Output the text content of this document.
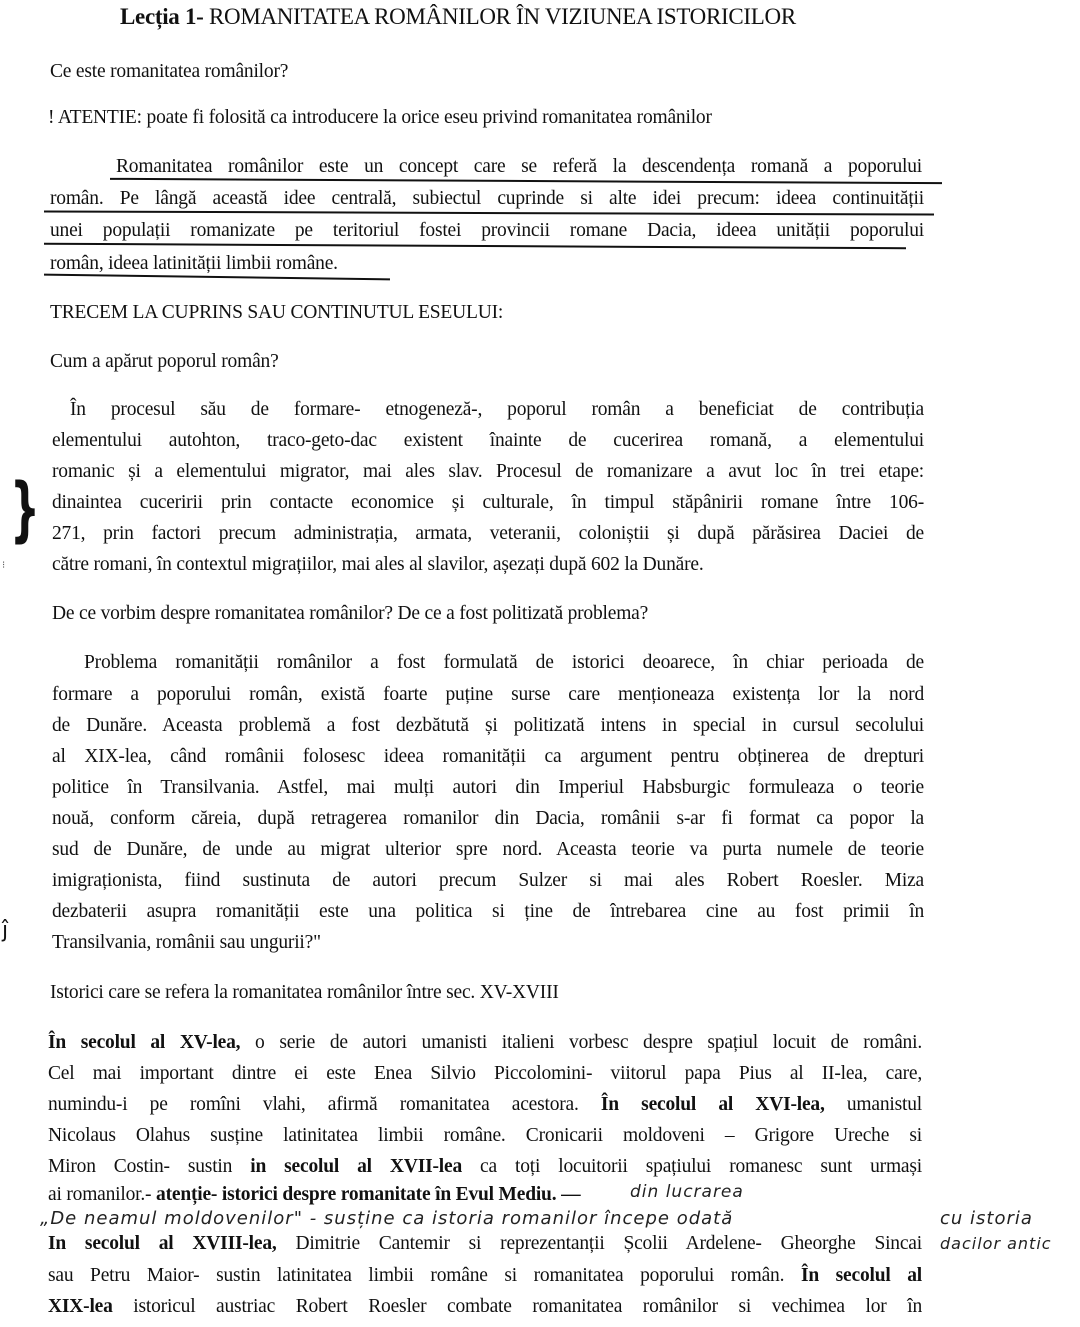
Lecția 1- ROMANITATEA ROMÂNILOR ÎN VIZIUNEA ISTORICILOR
Ce este romanitatea românilor?
! ATENTIE: poate fi folosită ca introducere la orice eseu privind romanitatea românilor
Romanitatea românilor este un concept care se referă la descendența romană a poporului
român. Pe lângă această idee centrală, subiectul cuprinde si alte idei precum: ideea continuității
unei populații romanizate pe teritoriul fostei provincii romane Dacia, ideea unității poporului
român, ideea latinității limbii române.
TRECEM LA CUPRINS SAU CONTINUTUL ESEULUI:
Cum a apărut poporul român?
În procesul său de formare- etnogeneză-, poporul român a beneficiat de contribuția
elementului autohton, traco-geto-dac existent înainte de cucerirea romană, a elementului
romanic și a elementului migrator, mai ales slav. Procesul de romanizare a avut loc în trei etape:
dinaintea cuceririi prin contacte economice și culturale, în timpul stăpânirii romane între 106-
271, prin factori precum administrația, armata, veteranii, coloniștii și după părăsirea Daciei de
către romani, în contextul migrațiilor, mai ales al slavilor, așezați după 602 la Dunăre.
}
⁝
De ce vorbim despre romanitatea românilor? De ce a fost politizată problema?
Problema romanității românilor a fost formulată de istorici deoarece, în chiar perioada de
formare a poporului român, există foarte puține surse care menționeaza existența lor la nord
de Dunăre. Aceasta problemă a fost dezbătută și politizată intens in special in cursul secolului
al XIX-lea, când românii folosesc ideea romanității ca argument pentru obținerea de drepturi
politice în Transilvania. Astfel, mai mulți autori din Imperiul Habsburgic formuleaza o teorie
nouă, conform căreia, după retragerea romanilor din Dacia, românii s-ar fi format ca popor la
sud de Dunăre, de unde au migrat ulterior spre nord. Aceasta teorie va purta numele de teorie
imigraționista, fiind sustinuta de autori precum Sulzer si mai ales Robert Roesler. Miza
dezbaterii asupra romanității este una politica si ține de întrebarea cine au fost primii în
Transilvania, românii sau ungurii?"
ĵ
Istorici care se refera la romanitatea românilor între sec. XV-XVIII
În secolul al XV-lea, o serie de autori umanisti italieni vorbesc despre spațiul locuit de români.
Cel mai important dintre ei este Enea Silvio Piccolomini- viitorul papa Pius al II-lea, care,
numindu-i pe romîni vlahi, afirmă romanitatea acestora. În secolul al XVI-lea, umanistul
Nicolaus Olahus susține latinitatea limbii române. Cronicarii moldoveni – Grigore Ureche si
Miron Costin- sustin in secolul al XVII-lea ca toți locuitorii spațiului romanesc sunt urmași
ai romanilor.- atenție- istorici despre romanitate în Evul Mediu. —	din lucrarea
„De neamul moldovenilor" - susține ca istoria romanilor începe odată	cu istoria
dacilor antic
In secolul al XVIII-lea, Dimitrie Cantemir si reprezentanții Școlii Ardelene- Gheorghe Sincai
sau Petru Maior- sustin latinitatea limbii române si romanitatea poporului român. În secolul al
XIX-lea istoricul austriac Robert Roesler combate romanitatea românilor si vechimea lor în
